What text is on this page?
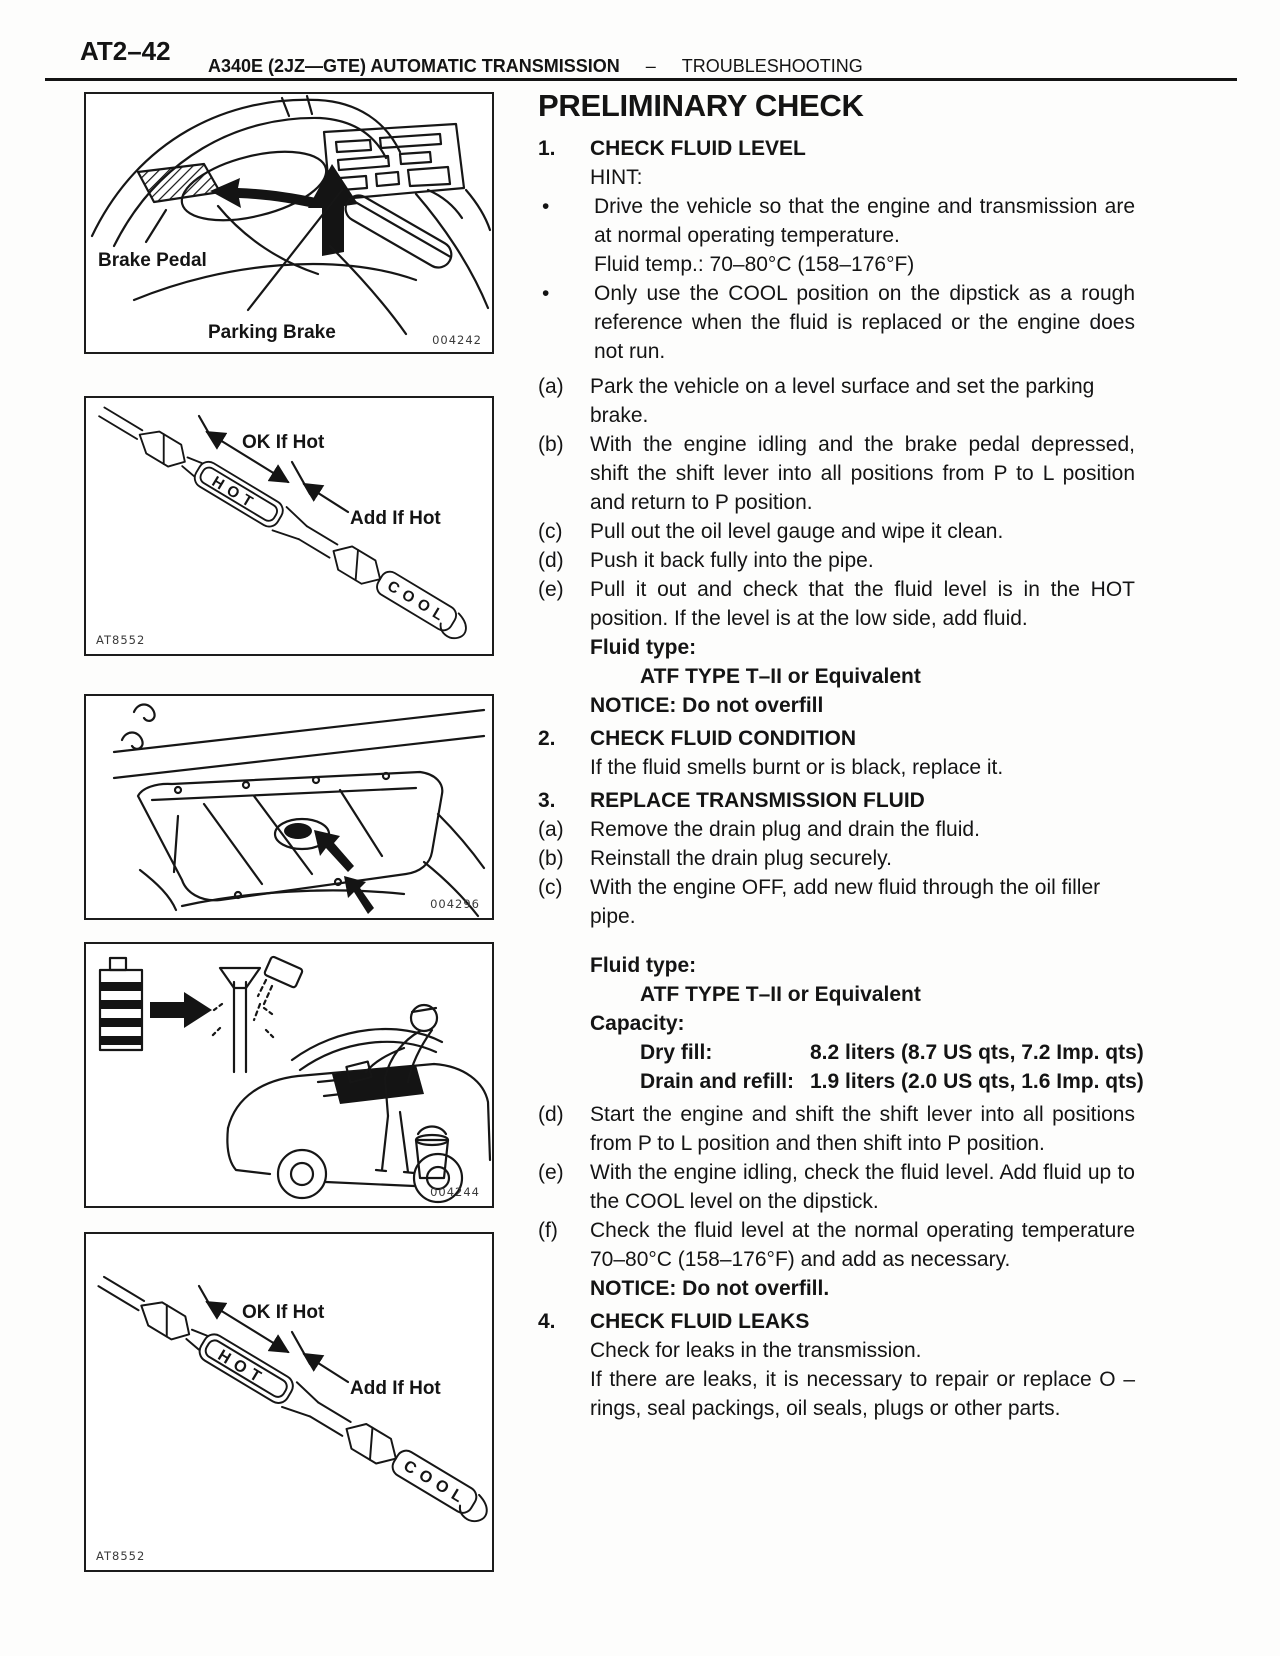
AT2–42 A340E (2JZ—GTE) AUTOMATIC TRANSMISSION – TROUBLESHOOTING
Brake Pedal
Parking Brake	004242
HOT
COOL
OK If Hot
Add If Hot
AT8552
004296
004244
HOT
COOL
OK If Hot
Add If Hot
AT8552
PRELIMINARY CHECK
1.	CHECK FLUID LEVEL
HINT:
•	Drive the vehicle so that the engine and transmission are at normal operating temperature.
Fluid temp.: 70–80°C (158–176°F)
•	Only use the COOL position on the dipstick as a rough reference when the fluid is replaced or the engine does not run.
(a)	Park the vehicle on a level surface and set the parking brake.
(b)	With the engine idling and the brake pedal depressed, shift the shift lever into all positions from P to L position and return to P position.
(c)	Pull out the oil level gauge and wipe it clean.
(d)	Push it back fully into the pipe.
(e)	Pull it out and check that the fluid level is in the HOT position. If the level is at the low side, add fluid.
Fluid type:
ATF TYPE T–II or Equivalent
NOTICE: Do not overfill
2.	CHECK FLUID CONDITION
If the fluid smells burnt or is black, replace it.
3.	REPLACE TRANSMISSION FLUID
(a)	Remove the drain plug and drain the fluid.
(b)	Reinstall the drain plug securely.
(c)	With the engine OFF, add new fluid through the oil filler pipe.
Fluid type:
ATF TYPE T–II or Equivalent
Capacity:
Dry fill:	8.2 liters (8.7 US qts, 7.2 Imp. qts)
Drain and refill: 1.9 liters (2.0 US qts, 1.6 Imp. qts)
(d)	Start the engine and shift the shift lever into all positions from P to L position and then shift into P position.
(e)	With the engine idling, check the fluid level. Add fluid up to the COOL level on the dipstick.
(f)	Check the fluid level at the normal operating temperature 70–80°C (158–176°F) and add as necessary.
NOTICE: Do not overfill.
4.	CHECK FLUID LEAKS
Check for leaks in the transmission.
If there are leaks, it is necessary to repair or replace O –rings, seal packings, oil seals, plugs or other parts.
